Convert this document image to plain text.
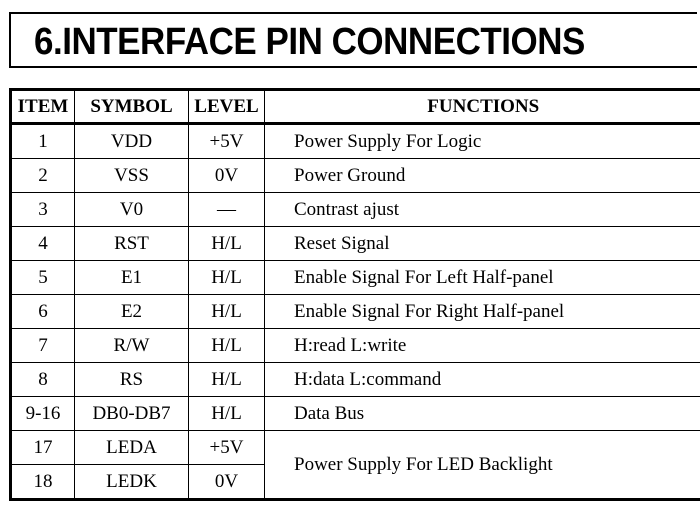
6.INTERFACE PIN CONNECTIONS
ITEM	SYMBOL	LEVEL	FUNCTIONS
1	VDD	+5V	Power Supply For Logic
2	VSS	0V	Power Ground
3	V0	—	Contrast ajust
4	RST	H/L	Reset Signal
5	E1	H/L	Enable Signal For Left Half-panel
6	E2	H/L	Enable Signal For Right Half-panel
7	R/W	H/L	H:read L:write
8	RS	H/L	H:data L:command
9-16	DB0-DB7	H/L	Data Bus
17	LEDA	+5V	Power Supply For LED Backlight
18	LEDK	0V	
